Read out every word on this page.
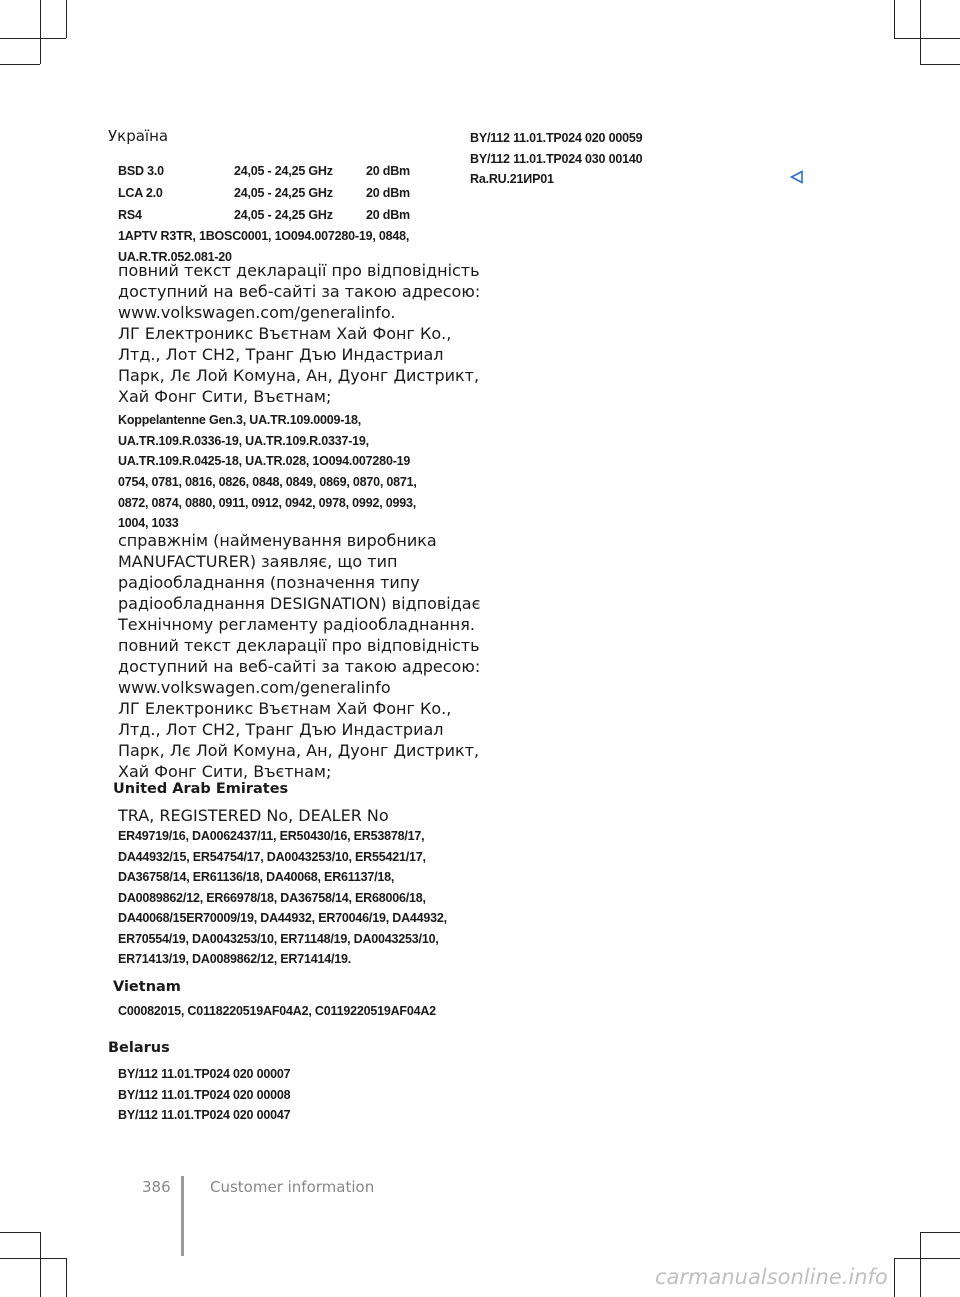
Україна
BSD 3.0	24,05 - 24,25 GHz	20 dBm
LCA 2.0	24,05 - 24,25 GHz	20 dBm
RS4	24,05 - 24,25 GHz	20 dBm
1APTV R3TR, 1BOSC0001, 1O094.007280-19, 0848,
UA.R.TR.052.081-20
повний текст декларації про відповідність
доступний на веб-сайті за такою адресою:
www.volkswagen.com/generalinfo.
ЛГ Електроникс Въєтнам Хай Фонг Ко.,
Лтд., Лот CH2, Транг Дъю Индастриал
Парк, Лє Лой Комуна, Ан, Дуонг Дистрикт,
Хай Фонг Сити, Въєтнам;
Koppelantenne Gen.3, UA.TR.109.0009-18,
UA.TR.109.R.0336-19, UA.TR.109.R.0337-19,
UA.TR.109.R.0425-18, UA.TR.028, 1O094.007280-19
0754, 0781, 0816, 0826, 0848, 0849, 0869, 0870, 0871,
0872, 0874, 0880, 0911, 0912, 0942, 0978, 0992, 0993,
1004, 1033
справжнім (найменування виробника
MANUFACTURER) заявляє, що тип
радіообладнання (позначення типу
радіообладнання DESIGNATION) відповідає
Технічному регламенту радіообладнання.
повний текст декларації про відповідність
доступний на веб-сайті за такою адресою:
www.volkswagen.com/generalinfo
ЛГ Електроникс Въєтнам Хай Фонг Ко.,
Лтд., Лот CH2, Транг Дъю Индастриал
Парк, Лє Лой Комуна, Ан, Дуонг Дистрикт,
Хай Фонг Сити, Въєтнам;
United Arab Emirates
TRA, REGISTERED No, DEALER No
ER49719/16, DA0062437/11, ER50430/16, ER53878/17,
DA44932/15, ER54754/17, DA0043253/10, ER55421/17,
DA36758/14, ER61136/18, DA40068, ER61137/18,
DA0089862/12, ER66978/18, DA36758/14, ER68006/18,
DA40068/15ER70009/19, DA44932, ER70046/19, DA44932,
ER70554/19, DA0043253/10, ER71148/19, DA0043253/10,
ER71413/19, DA0089862/12, ER71414/19.
Vietnam
C00082015, C0118220519AF04A2, C0119220519AF04A2
Belarus
BY/112 11.01.ТР024 020 00007
BY/112 11.01.ТР024 020 00008
BY/112 11.01.ТР024 020 00047
BY/112 11.01.ТР024 020 00059
BY/112 11.01.ТР024 030 00140
Ra.RU.21ИР01
386	Customer information
carmanualsonline.info
